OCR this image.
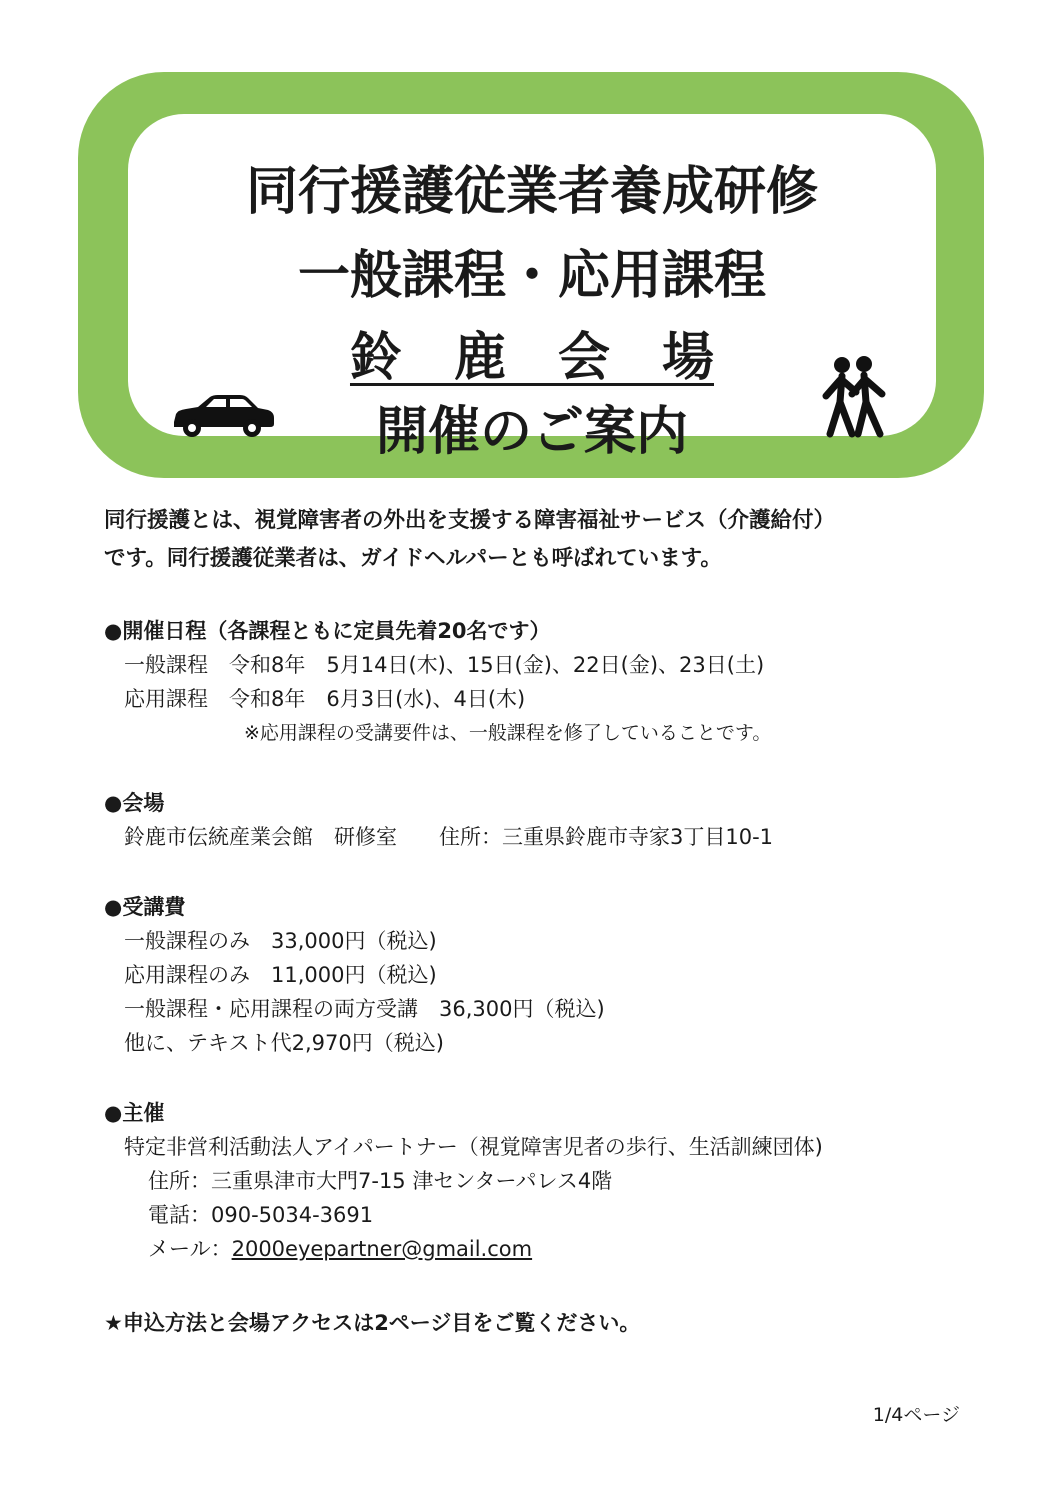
同行援護従業者養成研修
一般課程・応用課程
鈴　鹿　会　場
開催のご案内

同行援護とは、視覚障害者の外出を支援する障害福祉サービス（介護給付）

です。同行援護従業者は、ガイドヘルパーとも呼ばれています。

●開催日程（各課程ともに定員先着20名です）

一般課程　令和8年　5月14日(木)、15日(金)、22日(金)、23日(土)

応用課程　令和8年　6月3日(水)、4日(木)

※応用課程の受講要件は、一般課程を修了していることです。

●会場

鈴鹿市伝統産業会館　研修室　　住所：三重県鈴鹿市寺家3丁目10-1

●受講費

一般課程のみ　33,000円（税込)

応用課程のみ　11,000円（税込)

一般課程・応用課程の両方受講　36,300円（税込)

他に、テキスト代2,970円（税込)

●主催

特定非営利活動法人アイパートナー（視覚障害児者の歩行、生活訓練団体)

住所：三重県津市大門7-15 津センターパレス4階

電話：090-5034-3691

メール：2000eyepartner@gmail.com

★申込方法と会場アクセスは2ページ目をご覧ください。

1/4ページ
